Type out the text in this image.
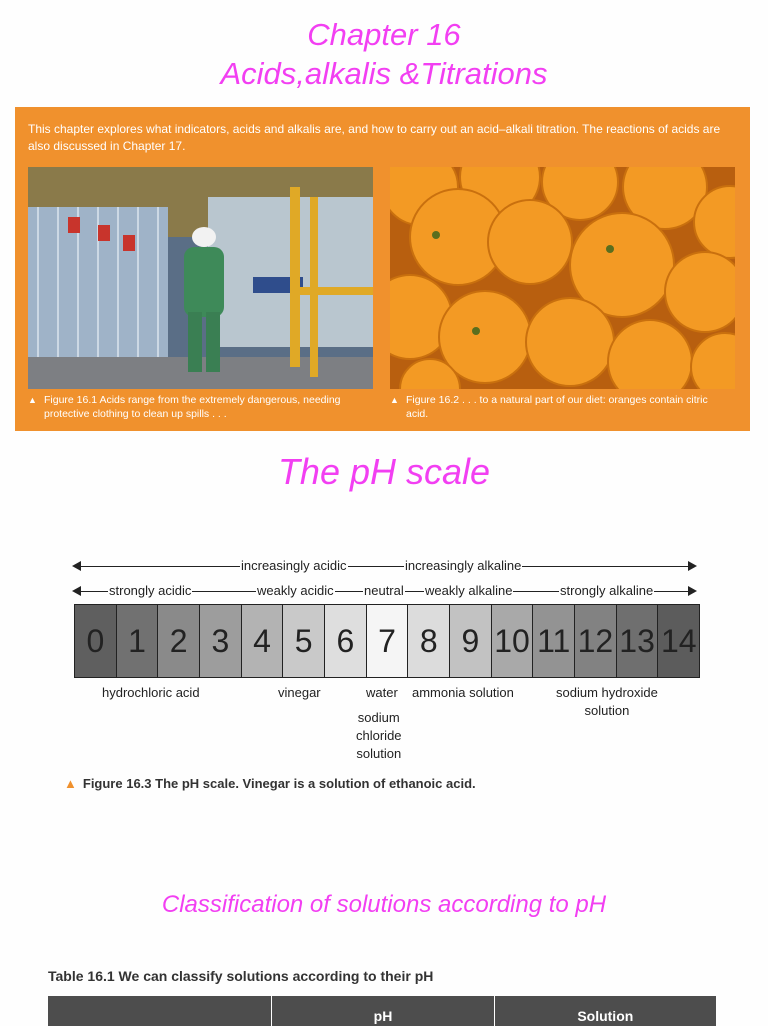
Chapter 16
Acids,alkalis &Titrations
This chapter explores what indicators, acids and alkalis are, and how to carry out an acid–alkali titration. The reactions of acids are also discussed in Chapter 17.
▲ Figure 16.1 Acids range from the extremely dangerous, needing protective clothing to clean up spills . . .
▲ Figure 16.2 . . . to a natural part of our diet: oranges contain citric acid.
The pH scale
increasingly acidic	increasingly alkaline
strongly acidic	weakly acidic neutral weakly alkaline	strongly alkaline
0 1 2 3 4 5 6 7 8 9 10 11 12 13 14
hydrochloric acid	vinegar	water
sodium
chloride
solution
ammonia solution	sodium hydroxide
solution
▲ Figure 16.3 The pH scale. Vinegar is a solution of ethanoic acid.
Classification of solutions according to pH
Table 16.1 We can classify solutions according to their pH
pH	Solution
